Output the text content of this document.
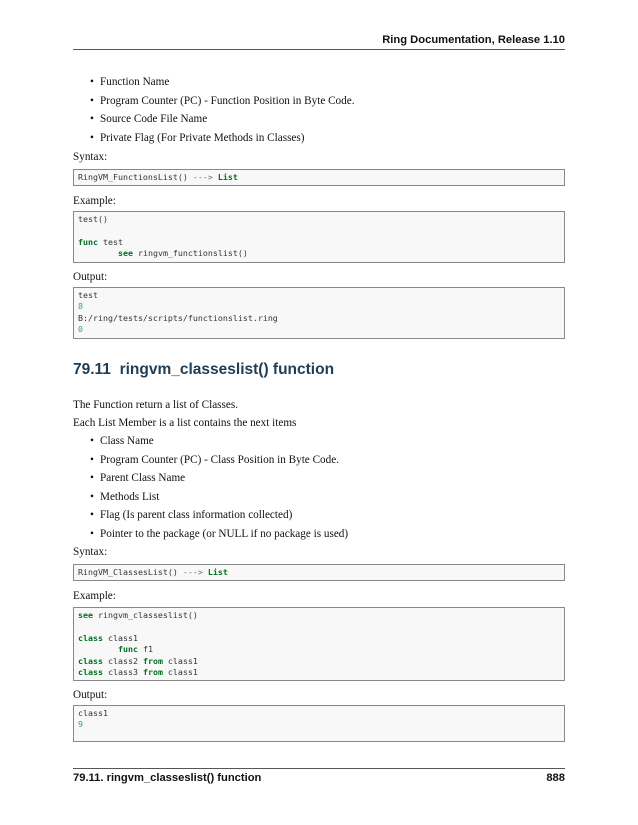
Ring Documentation, Release 1.10
• Function Name
• Program Counter (PC) - Function Position in Byte Code.
• Source Code File Name
• Private Flag (For Private Methods in Classes)
Syntax:
RingVM_FunctionsList() ---> List
Example:
test()
func test
see ringvm_functionslist()
Output:
test
8
B:/ring/tests/scripts/functionslist.ring
0
79.11 ringvm_classeslist() function
The Function return a list of Classes.
Each List Member is a list contains the next items
• Class Name
• Program Counter (PC) - Class Position in Byte Code.
• Parent Class Name
• Methods List
• Flag (Is parent class information collected)
• Pointer to the package (or NULL if no package is used)
Syntax:
RingVM_ClassesList() ---> List
Example:
see ringvm_classeslist()
class class1
func f1
class class2 from class1
class class3 from class1
Output:
class1
9
79.11. ringvm_classeslist() function	888
